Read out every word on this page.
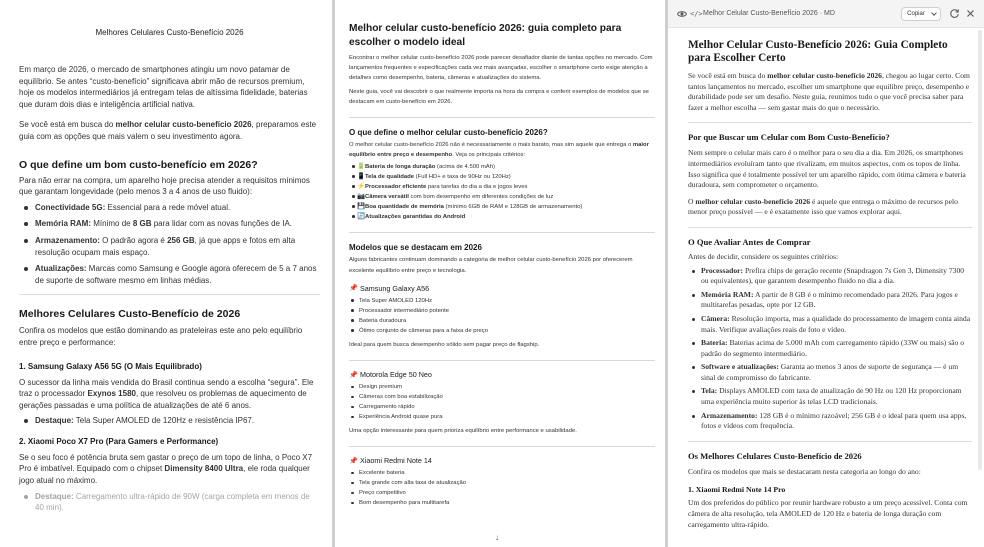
Melhores Celulares Custo-Benefício 2026

Em março de 2026, o mercado de smartphones atingiu um novo patamar de equilíbrio. Se antes “custo-benefício” significava abrir mão de recursos premium, hoje os modelos intermediários já entregam telas de altíssima fidelidade, baterias que duram dois dias e inteligência artificial nativa.

Se você está em busca do melhor celular custo-benefício 2026, preparamos este guia com as opções que mais valem o seu investimento agora.

O que define um bom custo-benefício em 2026?

Para não errar na compra, um aparelho hoje precisa atender a requisitos mínimos que garantam longevidade (pelo menos 3 a 4 anos de uso fluido):

Conectividade 5G: Essencial para a rede móvel atual.
Memória RAM: Mínimo de 8 GB para lidar com as novas funções de IA.
Armazenamento: O padrão agora é 256 GB, já que apps e fotos em alta resolução ocupam mais espaço.
Atualizações: Marcas como Samsung e Google agora oferecem de 5 a 7 anos de suporte de software mesmo em linhas médias.
Melhores Celulares Custo-Benefício de 2026

Confira os modelos que estão dominando as prateleiras este ano pelo equilíbrio entre preço e performance:

1. Samsung Galaxy A56 5G (O Mais Equilibrado)

O sucessor da linha mais vendida do Brasil continua sendo a escolha “segura”. Ele traz o processador Exynos 1580, que resolveu os problemas de aquecimento de gerações passadas e uma política de atualizações de até 6 anos.

Destaque: Tela Super AMOLED de 120Hz e resistência IP67.
2. Xiaomi Poco X7 Pro (Para Gamers e Performance)

Se o seu foco é potência bruta sem gastar o preço de um topo de linha, o Poco X7 Pro é imbatível. Equipado com o chipset Dimensity 8400 Ultra, ele roda qualquer jogo atual no máximo.

Destaque: Carregamento ultra-rápido de 90W (carga completa em menos de 40 min).
Melhor celular custo-benefício 2026: guia completo para escolher o modelo ideal

Encontrar o melhor celular custo-benefício 2026 pode parecer desafiador diante de tantas opções no mercado. Com lançamentos frequentes e especificações cada vez mais avançadas, escolher o smartphone certo exige atenção a detalhes como desempenho, bateria, câmeras e atualizações do sistema.

Neste guia, você vai descobrir o que realmente importa na hora da compra e conferir exemplos de modelos que se destacam em custo-benefício em 2026.

O que define o melhor celular custo-benefício 2026?

O melhor celular custo-benefício 2026 não é necessariamente o mais barato, mas sim aquele que entrega o maior equilíbrio entre preço e desempenho. Veja os principais critérios:

🔋 Bateria de longa duração (acima de 4.500 mAh)
📱 Tela de qualidade (Full HD+ e taxa de 90Hz ou 120Hz)
⚡ Processador eficiente para tarefas do dia a dia e jogos leves
📷 Câmera versátil com bom desempenho em diferentes condições de luz
💾 Boa quantidade de memória (mínimo 6GB de RAM e 128GB de armazenamento)
🔄 Atualizações garantidas do Android
Modelos que se destacam em 2026

Alguns fabricantes continuam dominando a categoria de melhor celular custo-benefício 2026 por oferecerem excelente equilíbrio entre preço e tecnologia.

📌 Samsung Galaxy A56
Tela Super AMOLED 120Hz
Processador intermediário potente
Bateria duradoura
Ótimo conjunto de câmeras para a faixa de preço

Ideal para quem busca desempenho sólido sem pagar preço de flagship.

📌 Motorola Edge 50 Neo
Design premium
Câmeras com boa estabilização
Carregamento rápido
Experiência Android quase pura

Uma opção interessante para quem prioriza equilíbrio entre performance e usabilidade.

📌 Xiaomi Redmi Note 14
Excelente bateria
Tela grande com alta taxa de atualização
Preço competitivo
Bom desempenho para multitarefa
↓
</> Melhor Celular Custo-Benefício 2026 · MD	Copiar
Melhor Celular Custo-Benefício 2026: Guia Completo para Escolher Certo

Se você está em busca do melhor celular custo-benefício 2026, chegou ao lugar certo. Com tantos lançamentos no mercado, escolher um smartphone que equilibre preço, desempenho e durabilidade pode ser um desafio. Neste guia, reunimos tudo o que você precisa saber para fazer a melhor escolha — sem gastar mais do que o necessário.

Por que Buscar um Celular com Bom Custo-Benefício?

Nem sempre o celular mais caro é o melhor para o seu dia a dia. Em 2026, os smartphones intermediários evoluíram tanto que rivalizam, em muitos aspectos, com os topos de linha. Isso significa que é totalmente possível ter um aparelho rápido, com ótima câmera e bateria duradoura, sem comprometer o orçamento.

O melhor celular custo-benefício 2026 é aquele que entrega o máximo de recursos pelo menor preço possível — e é exatamente isso que vamos explorar aqui.

O Que Avaliar Antes de Comprar

Antes de decidir, considere os seguintes critérios:

Processador: Prefira chips de geração recente (Snapdragon 7s Gen 3, Dimensity 7300 ou equivalentes), que garantem desempenho fluido no dia a dia.
Memória RAM: A partir de 8 GB é o mínimo recomendado para 2026. Para jogos e multitarefas pesadas, opte por 12 GB.
Câmera: Resolução importa, mas a qualidade do processamento de imagem conta ainda mais. Verifique avaliações reais de foto e vídeo.
Bateria: Baterias acima de 5.000 mAh com carregamento rápido (33W ou mais) são o padrão do segmento intermediário.
Software e atualizações: Garanta ao menos 3 anos de suporte de segurança — é um sinal de compromisso do fabricante.
Tela: Displays AMOLED com taxa de atualização de 90 Hz ou 120 Hz proporcionam uma experiência muito superior às telas LCD tradicionais.
Armazenamento: 128 GB é o mínimo razoável; 256 GB é o ideal para quem usa apps, fotos e vídeos com frequência.
Os Melhores Celulares Custo-Benefício de 2026

Confira os modelos que mais se destacaram nesta categoria ao longo do ano:

1. Xiaomi Redmi Note 14 Pro

Um dos preferidos do público por reunir hardware robusto a um preço acessível. Conta com câmera de alta resolução, tela AMOLED de 120 Hz e bateria de longa duração com carregamento ultra-rápido.
